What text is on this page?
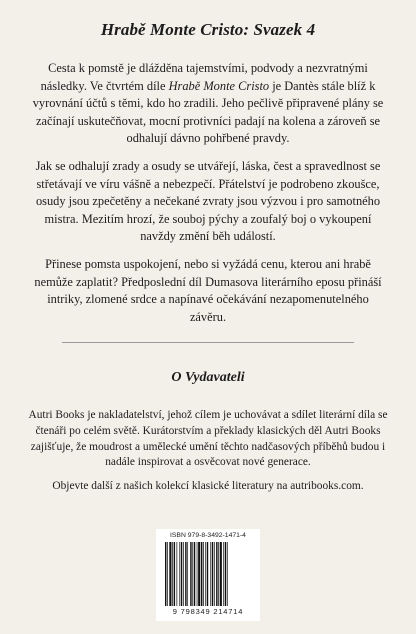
Hrabě Monte Cristo: Svazek 4

Cesta k pomstě je dlážděna tajemstvími, podvody a nezvratnými následky. Ve čtvrtém díle Hrabě Monte Cristo je Dantès stále blíž k vyrovnání účtů s těmi, kdo ho zradili. Jeho pečlivě připravené plány se začínají uskutečňovat, mocní protivníci padají na kolena a zároveň se odhalují dávno pohřbené pravdy.

Jak se odhalují zrady a osudy se utvářejí, láska, čest a spravedlnost se střetávají ve víru vášně a nebezpečí. Přátelství je podrobeno zkoušce, osudy jsou zpečetěny a nečekané zvraty jsou výzvou i pro samotného mistra. Mezitím hrozí, že souboj pýchy a zoufalý boj o vykoupení navždy změní běh událostí.

Přinese pomsta uspokojení, nebo si vyžádá cenu, kterou ani hrabě nemůže zaplatit? Předposlední díl Dumasova literárního eposu přináší intriky, zlomené srdce a napínavé očekávání nezapomenutelného závěru.

O Vydavateli

Autri Books je nakladatelství, jehož cílem je uchovávat a sdílet literární díla se čtenáři po celém světě. Kurátorstvím a překlady klasických děl Autri Books zajišťuje, že moudrost a umělecké umění těchto nadčasových příběhů budou i nadále inspirovat a osvěcovat nové generace.

Objevte další z našich kolekcí klasické literatury na autribooks.com.

ISBN 979-8-3492-1471-4
9 798349 214714
